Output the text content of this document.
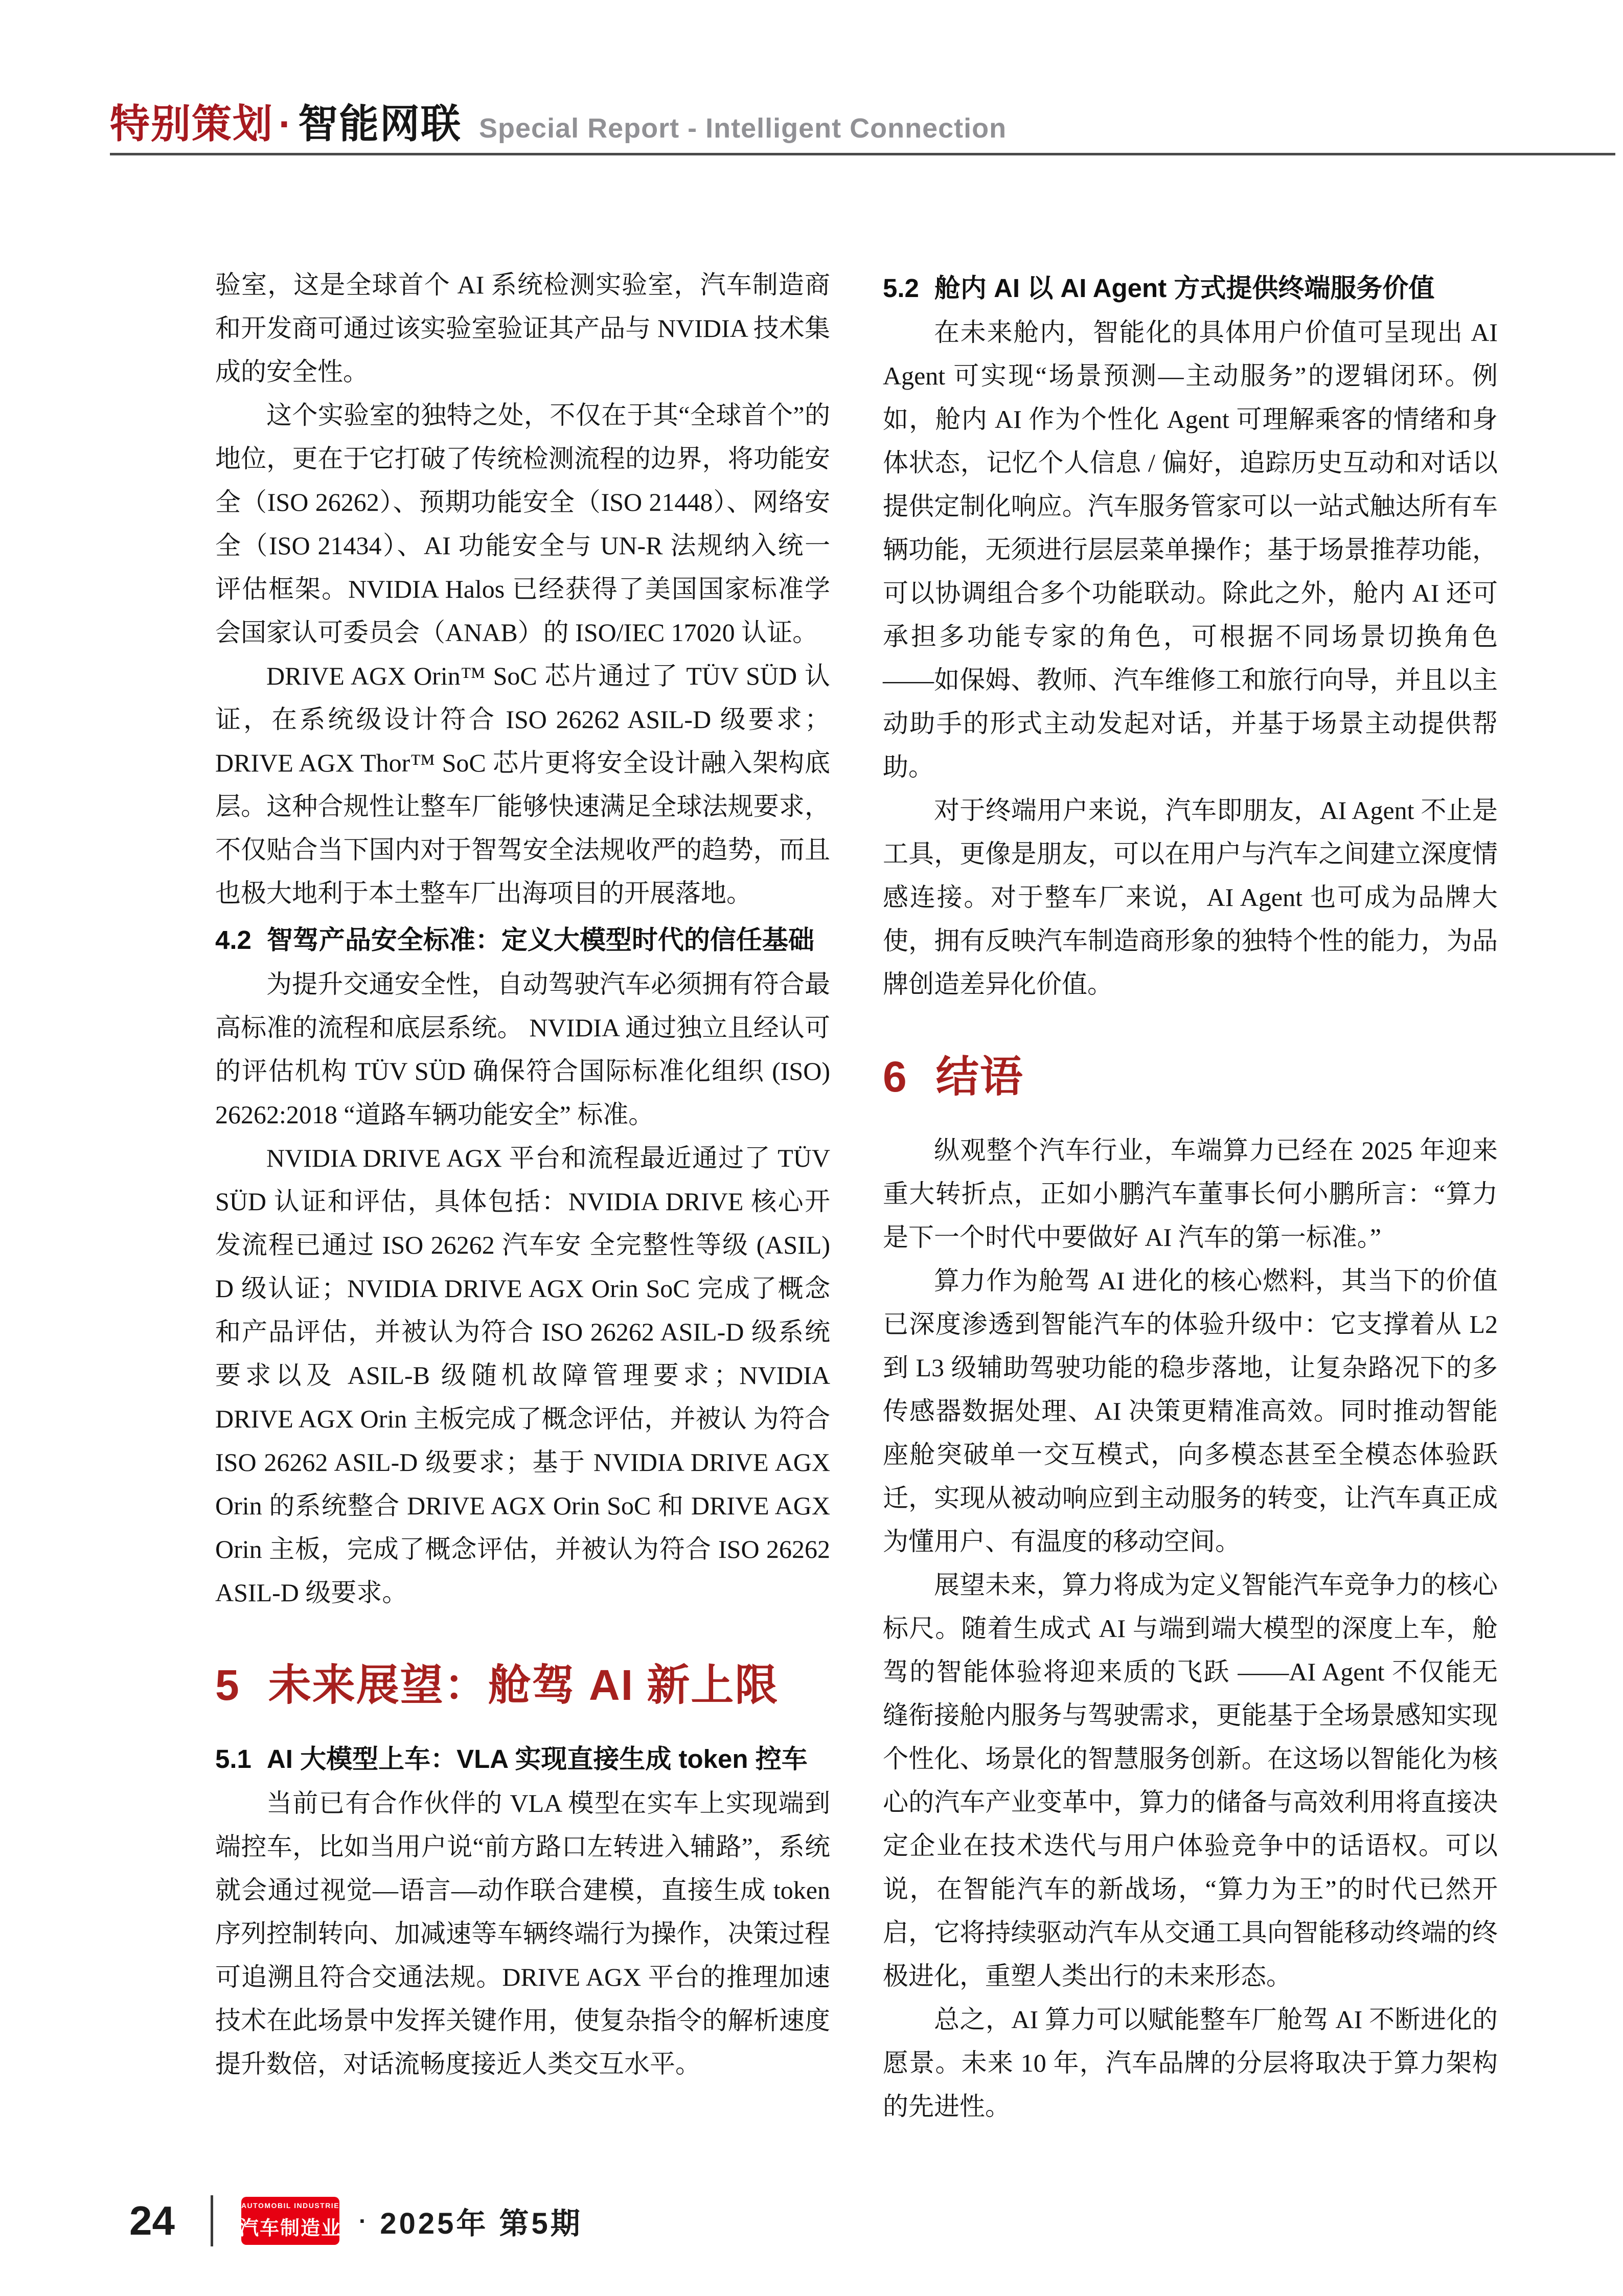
特别策划 · 智能网联 Special Report - Intelligent Connection

验室，这是全球首个 AI 系统检测实验室，汽车制造商和开发商可通过该实验室验证其产品与 NVIDIA 技术集成的安全性。

这个实验室的独特之处，不仅在于其“全球首个”的地位，更在于它打破了传统检测流程的边界，将功能安全（ISO 26262）、预期功能安全（ISO 21448）、网络安全（ISO 21434）、AI 功能安全与 UN-R 法规纳入统一评估框架。NVIDIA Halos 已经获得了美国国家标准学会国家认可委员会（ANAB）的 ISO/IEC 17020 认证。

DRIVE AGX Orin™ SoC 芯片通过了 TÜV SÜD 认证，在系统级设计符合 ISO 26262 ASIL-D 级要求；DRIVE AGX Thor™ SoC 芯片更将安全设计融入架构底层。这种合规性让整车厂能够快速满足全球法规要求，不仅贴合当下国内对于智驾安全法规收严的趋势，而且也极大地利于本土整车厂出海项目的开展落地。

4.2 智驾产品安全标准：定义大模型时代的信任基础

为提升交通安全性，自动驾驶汽车必须拥有符合最高标准的流程和底层系统。 NVIDIA 通过独立且经认可的评估机构 TÜV SÜD 确保符合国际标准化组织 (ISO) 26262:2018 “道路车辆功能安全” 标准。

NVIDIA DRIVE AGX 平台和流程最近通过了 TÜV SÜD 认证和评估，具体包括：NVIDIA DRIVE 核心开发流程已通过 ISO 26262 汽车安 全完整性等级 (ASIL) D 级认证；NVIDIA DRIVE AGX Orin SoC 完成了概念和产品评估，并被认为符合 ISO 26262 ASIL-D 级系统要求以及 ASIL-B 级随机故障管理要求；NVIDIA DRIVE AGX Orin 主板完成了概念评估，并被认 为符合 ISO 26262 ASIL-D 级要求；基于 NVIDIA DRIVE AGX Orin 的系统整合 DRIVE AGX Orin SoC 和 DRIVE AGX Orin 主板，完成了概念评估，并被认为符合 ISO 26262 ASIL-D 级要求。

5 未来展望：舱驾 AI 新上限
5.1 AI 大模型上车：VLA 实现直接生成 token 控车

当前已有合作伙伴的 VLA 模型在实车上实现端到端控车，比如当用户说“前方路口左转进入辅路”，系统就会通过视觉—语言—动作联合建模，直接生成 token 序列控制转向、加减速等车辆终端行为操作，决策过程可追溯且符合交通法规。DRIVE AGX 平台的推理加速技术在此场景中发挥关键作用，使复杂指令的解析速度提升数倍，对话流畅度接近人类交互水平。

5.2 舱内 AI 以 AI Agent 方式提供终端服务价值

在未来舱内，智能化的具体用户价值可呈现出 AI Agent 可实现“场景预测—主动服务”的逻辑闭环。例如，舱内 AI 作为个性化 Agent 可理解乘客的情绪和身体状态，记忆个人信息 / 偏好，追踪历史互动和对话以提供定制化响应。汽车服务管家可以一站式触达所有车辆功能，无须进行层层菜单操作；基于场景推荐功能，可以协调组合多个功能联动。除此之外，舱内 AI 还可承担多功能专家的角色，可根据不同场景切换角色 ——如保姆、教师、汽车维修工和旅行向导，并且以主动助手的形式主动发起对话，并基于场景主动提供帮助。

对于终端用户来说，汽车即朋友，AI Agent 不止是工具，更像是朋友，可以在用户与汽车之间建立深度情感连接。对于整车厂来说，AI Agent 也可成为品牌大使，拥有反映汽车制造商形象的独特个性的能力，为品牌创造差异化价值。

6 结语

纵观整个汽车行业，车端算力已经在 2025 年迎来重大转折点，正如小鹏汽车董事长何小鹏所言：“算力是下一个时代中要做好 AI 汽车的第一标准。”

算力作为舱驾 AI 进化的核心燃料，其当下的价值已深度渗透到智能汽车的体验升级中：它支撑着从 L2 到 L3 级辅助驾驶功能的稳步落地，让复杂路况下的多传感器数据处理、AI 决策更精准高效。同时推动智能座舱突破单一交互模式，向多模态甚至全模态体验跃迁，实现从被动响应到主动服务的转变，让汽车真正成为懂用户、有温度的移动空间。

展望未来，算力将成为定义智能汽车竞争力的核心标尺。随着生成式 AI 与端到端大模型的深度上车，舱驾的智能体验将迎来质的飞跃 ——AI Agent 不仅能无缝衔接舱内服务与驾驶需求，更能基于全场景感知实现个性化、场景化的智慧服务创新。在这场以智能化为核心的汽车产业变革中，算力的储备与高效利用将直接决定企业在技术迭代与用户体验竞争中的话语权。可以说，在智能汽车的新战场，“算力为王”的时代已然开启，它将持续驱动汽车从交通工具向智能移动终端的终极进化，重塑人类出行的未来形态。

总之，AI 算力可以赋能整车厂舱驾 AI 不断进化的愿景。未来 10 年，汽车品牌的分层将取决于算力架构的先进性。

24	AUTOMOBIL INDUSTRIE
汽车制造业 · 2025年 第5期
